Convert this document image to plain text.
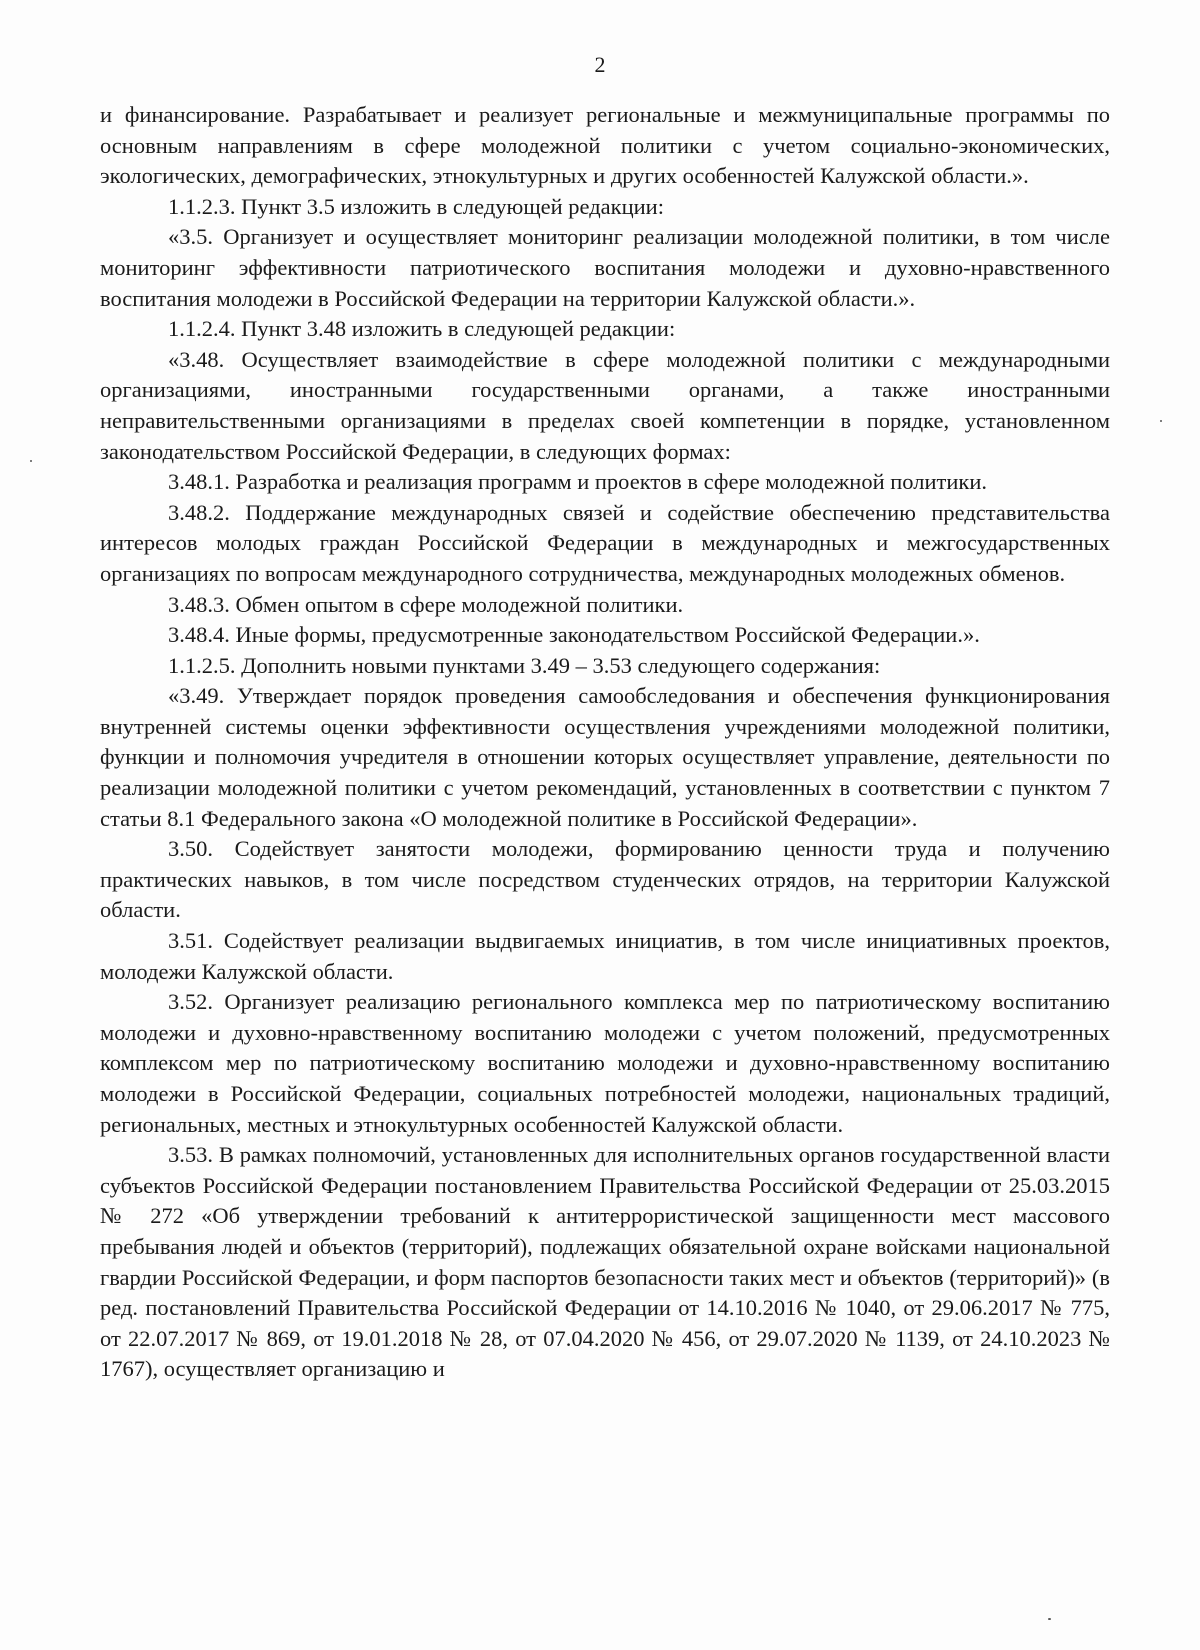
2

и финансирование. Разрабатывает и реализует региональные и межмуниципальные программы по основным направлениям в сфере молодежной политики с учетом социально-экономических, экологических, демографических, этнокультурных и других особенностей Калужской области.».

1.1.2.3. Пункт 3.5 изложить в следующей редакции:

«3.5. Организует и осуществляет мониторинг реализации молодежной политики, в том числе мониторинг эффективности патриотического воспитания молодежи и духовно-нравственного воспитания молодежи в Российской Федерации на территории Калужской области.».

1.1.2.4. Пункт 3.48 изложить в следующей редакции:

«3.48. Осуществляет взаимодействие в сфере молодежной политики с международными организациями, иностранными государственными органами, а также иностранными неправительственными организациями в пределах своей компетенции в порядке, установленном законодательством Российской Федерации, в следующих формах:

3.48.1. Разработка и реализация программ и проектов в сфере молодежной политики.

3.48.2. Поддержание международных связей и содействие обеспечению представительства интересов молодых граждан Российской Федерации в международных и межгосударственных организациях по вопросам международного сотрудничества, международных молодежных обменов.

3.48.3. Обмен опытом в сфере молодежной политики.

3.48.4. Иные формы, предусмотренные законодательством Российской Федерации.».

1.1.2.5. Дополнить новыми пунктами 3.49 – 3.53 следующего содержания:

«3.49. Утверждает порядок проведения самообследования и обеспечения функционирования внутренней системы оценки эффективности осуществления учреждениями молодежной политики, функции и полномочия учредителя в отношении которых осуществляет управление, деятельности по реализации молодежной политики с учетом рекомендаций, установленных в соответствии с пунктом 7 статьи 8.1 Федерального закона «О молодежной политике в Российской Федерации».

3.50. Содействует занятости молодежи, формированию ценности труда и получению практических навыков, в том числе посредством студенческих отрядов, на территории Калужской области.

3.51. Содействует реализации выдвигаемых инициатив, в том числе инициативных проектов, молодежи Калужской области.

3.52. Организует реализацию регионального комплекса мер по патриотическому воспитанию молодежи и духовно-нравственному воспитанию молодежи с учетом положений, предусмотренных комплексом мер по патриотическому воспитанию молодежи и духовно-нравственному воспитанию молодежи в Российской Федерации, социальных потребностей молодежи, национальных традиций, региональных, местных и этнокультурных особенностей Калужской области.

3.53. В рамках полномочий, установленных для исполнительных органов государственной власти субъектов Российской Федерации постановлением Правительства Российской Федерации от 25.03.2015 № 272 «Об утверждении требований к антитеррористической защищенности мест массового пребывания людей и объектов (территорий), подлежащих обязательной охране войсками национальной гвардии Российской Федерации, и форм паспортов безопасности таких мест и объектов (территорий)» (в ред. постановлений Правительства Российской Федерации от 14.10.2016 № 1040, от 29.06.2017 № 775, от 22.07.2017 № 869, от 19.01.2018 № 28, от 07.04.2020 № 456, от 29.07.2020 № 1139, от 24.10.2023 № 1767), осуществляет организацию и
